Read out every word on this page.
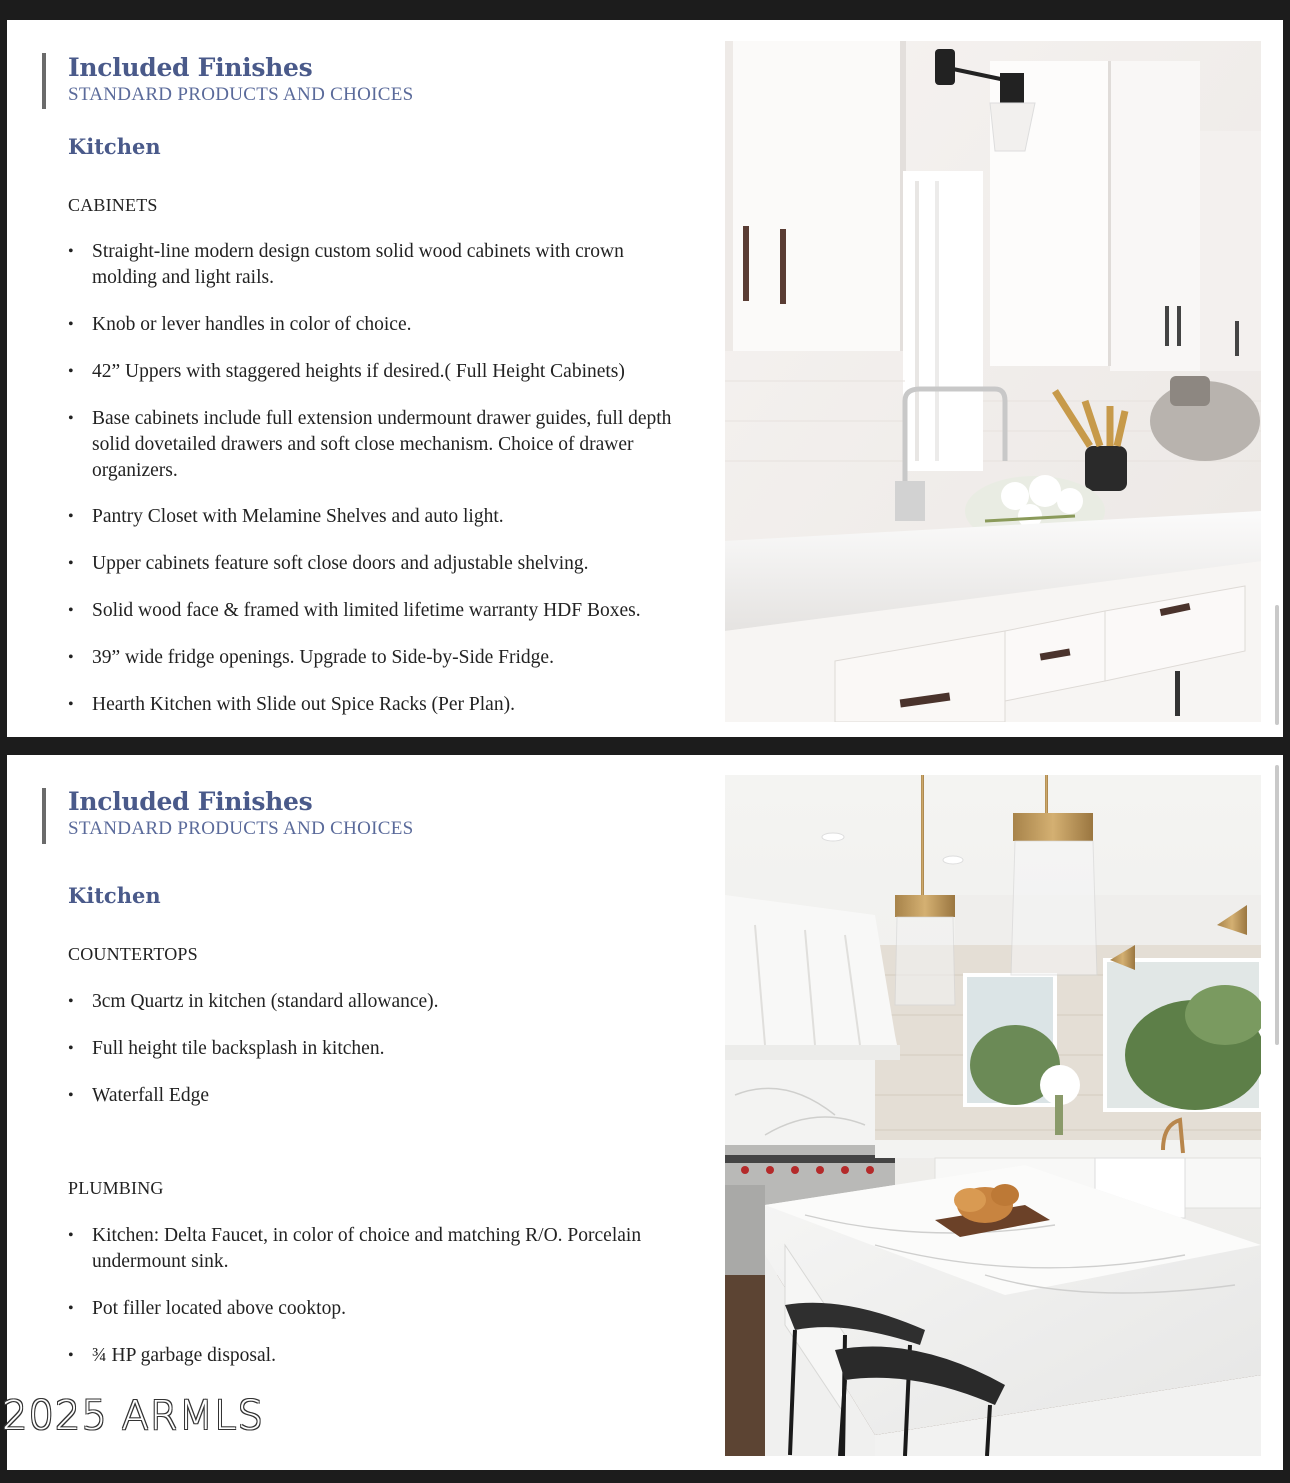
Included Finishes
STANDARD PRODUCTS AND CHOICES
Kitchen
CABINETS
• Straight-line modern design custom solid wood cabinets with crown molding and light rails.
• Knob or lever handles in color of choice.
• 42” Uppers with staggered heights if desired.( Full Height Cabinets)
• Base cabinets include full extension undermount drawer guides, full depth solid dovetailed drawers and soft close mechanism. Choice of drawer organizers.
• Pantry Closet with Melamine Shelves and auto light.
• Upper cabinets feature soft close doors and adjustable shelving.
• Solid wood face & framed with limited lifetime warranty HDF Boxes.
• 39” wide fridge openings. Upgrade to Side-by-Side Fridge.
• Hearth Kitchen with Slide out Spice Racks (Per Plan).
Included Finishes
STANDARD PRODUCTS AND CHOICES
Kitchen
COUNTERTOPS
• 3cm Quartz in kitchen (standard allowance).
• Full height tile backsplash in kitchen.
• Waterfall Edge
PLUMBING
• Kitchen: Delta Faucet, in color of choice and matching R/O. Porcelain undermount sink.
• Pot filler located above cooktop.
• ¾ HP garbage disposal.
2025 ARMLS
